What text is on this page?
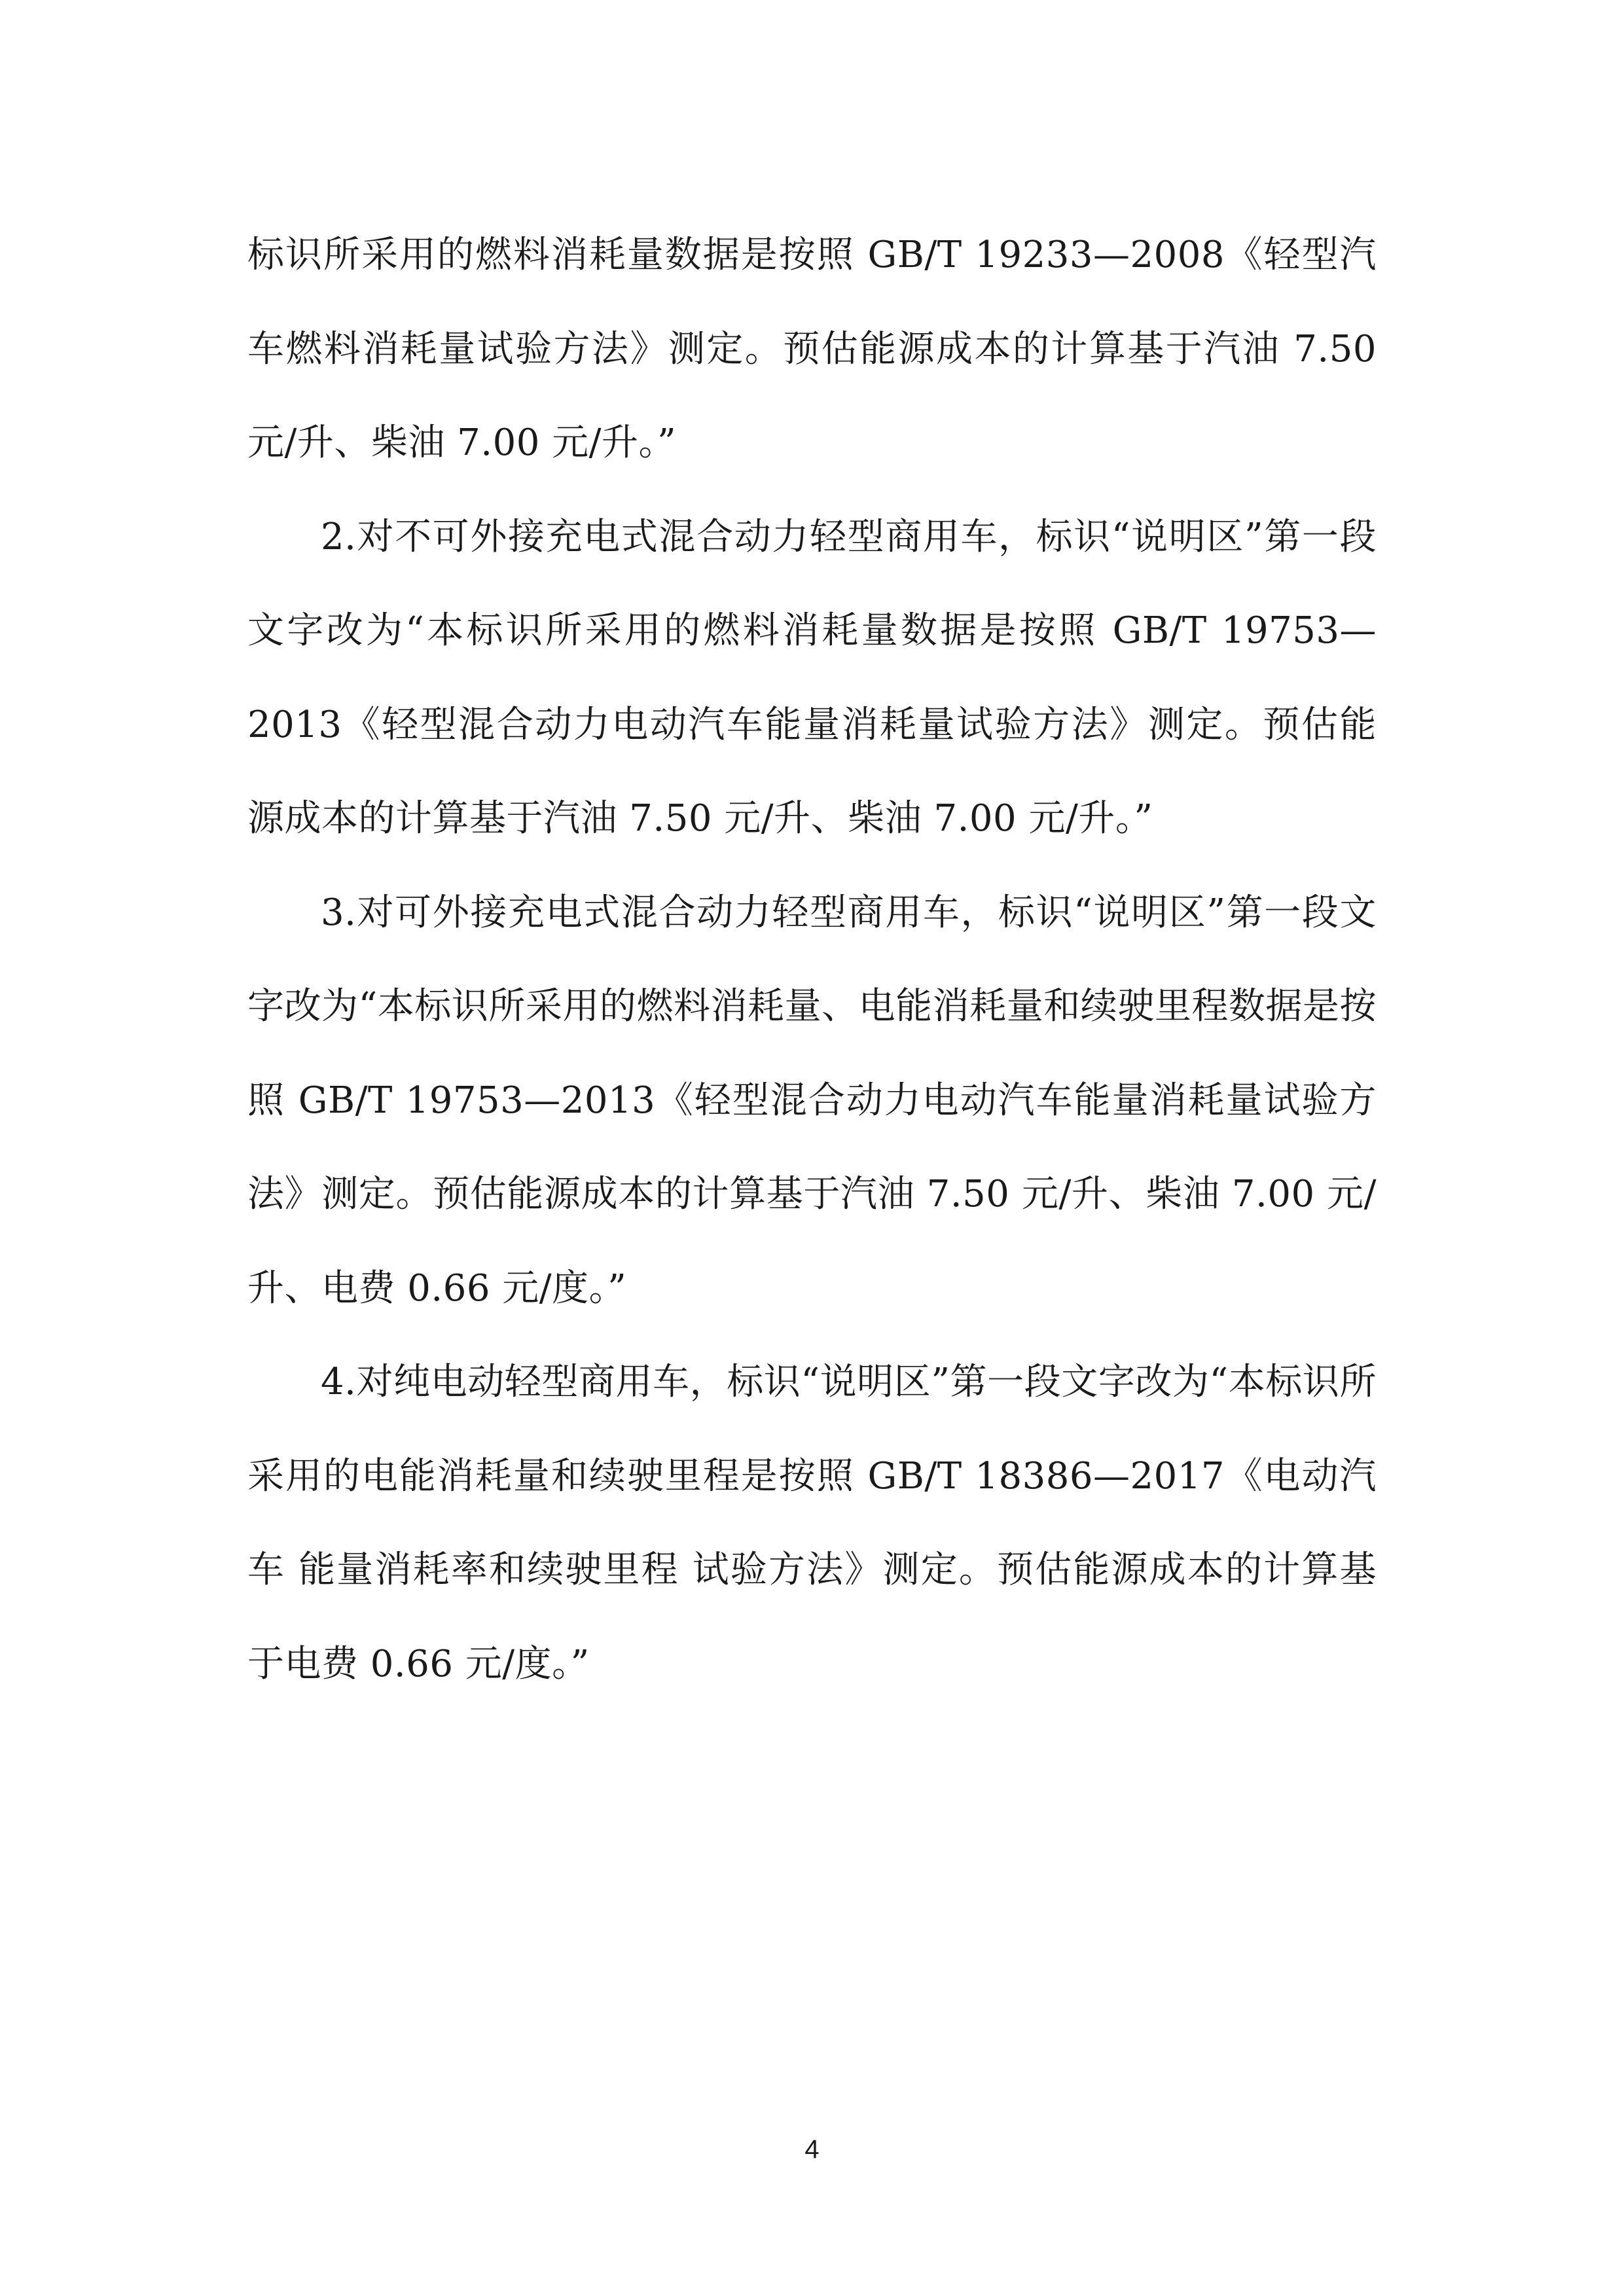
标识所采用的燃料消耗量数据是按照 GB/T 19233—2008《轻型汽车燃料消耗量试验方法》测定。预估能源成本的计算基于汽油 7.50 元/升、柴油 7.00 元/升。”

2.对不可外接充电式混合动力轻型商用车，标识“说明区”第一段文字改为“本标识所采用的燃料消耗量数据是按照 GB/T 19753—2013《轻型混合动力电动汽车能量消耗量试验方法》测定。预估能源成本的计算基于汽油 7.50 元/升、柴油 7.00 元/升。”

3.对可外接充电式混合动力轻型商用车，标识“说明区”第一段文字改为“本标识所采用的燃料消耗量、电能消耗量和续驶里程数据是按照 GB/T 19753—2013《轻型混合动力电动汽车能量消耗量试验方法》测定。预估能源成本的计算基于汽油 7.50 元/升、柴油 7.00 元/升、电费 0.66 元/度。”

4.对纯电动轻型商用车，标识“说明区”第一段文字改为“本标识所采用的电能消耗量和续驶里程是按照 GB/T 18386—2017《电动汽车 能量消耗率和续驶里程 试验方法》测定。预估能源成本的计算基于电费 0.66 元/度。”

4
